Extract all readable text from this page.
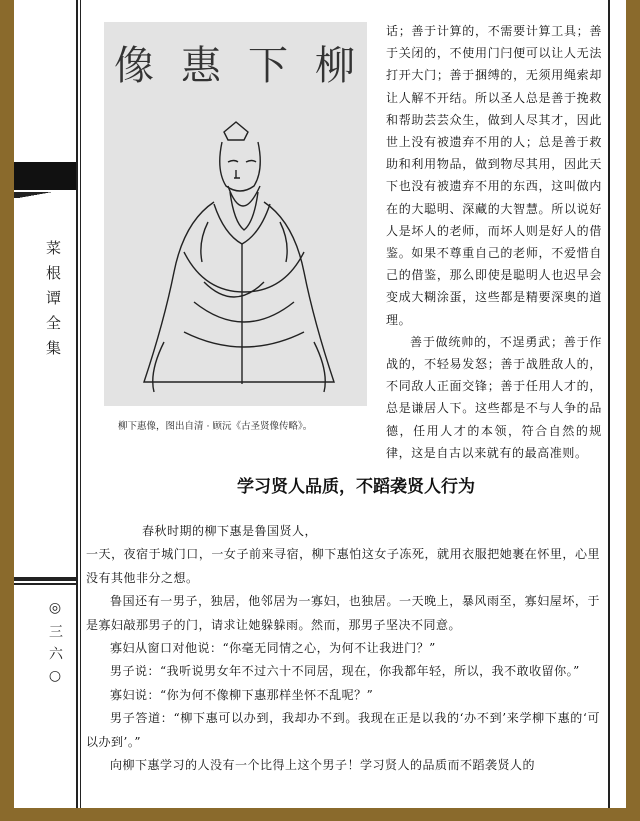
菜根谭全集
◎三六○
像 惠 下 柳
柳下惠像，图出自清 · 顾沅《古圣贤像传略》。

话；善于计算的，不需要计算工具；善于关闭的，不使用门闩便可以让人无法打开大门；善于捆缚的，无须用绳索却让人解不开结。所以圣人总是善于挽救和帮助芸芸众生，做到人尽其才，因此世上没有被遗弃不用的人；总是善于救助和利用物品，做到物尽其用，因此天下也没有被遗弃不用的东西，这叫做内在的大聪明、深藏的大智慧。所以说好人是坏人的老师，而坏人则是好人的借鉴。如果不尊重自己的老师，不爱惜自己的借鉴，那么即使是聪明人也迟早会变成大糊涂蛋，这些都是精要深奥的道理。

善于做统帅的，不逞勇武；善于作战的，不轻易发怒；善于战胜敌人的，不同敌人正面交锋；善于任用人才的，总是谦居人下。这些都是不与人争的品德，任用人才的本领，符合自然的规律，这是自古以来就有的最高准则。

学习贤人品质，不蹈袭贤人行为

春秋时期的柳下惠是鲁国贤人，

一天，夜宿于城门口，一女子前来寻宿，柳下惠怕这女子冻死，就用衣服把她裹在怀里，心里没有其他非分之想。

鲁国还有一男子，独居，他邻居为一寡妇，也独居。一天晚上，暴风雨至，寡妇屋坏，于是寡妇敲那男子的门，请求让她躲躲雨。然而，那男子坚决不同意。

寡妇从窗口对他说：“你毫无同情之心，为何不让我进门？”

男子说：“我听说男女年不过六十不同居，现在，你我都年轻，所以，我不敢收留你。”

寡妇说：“你为何不像柳下惠那样坐怀不乱呢？”

男子答道：“柳下惠可以办到，我却办不到。我现在正是以我的‘办不到’来学柳下惠的‘可以办到’。”

向柳下惠学习的人没有一个比得上这个男子！学习贤人的品质而不蹈袭贤人的
